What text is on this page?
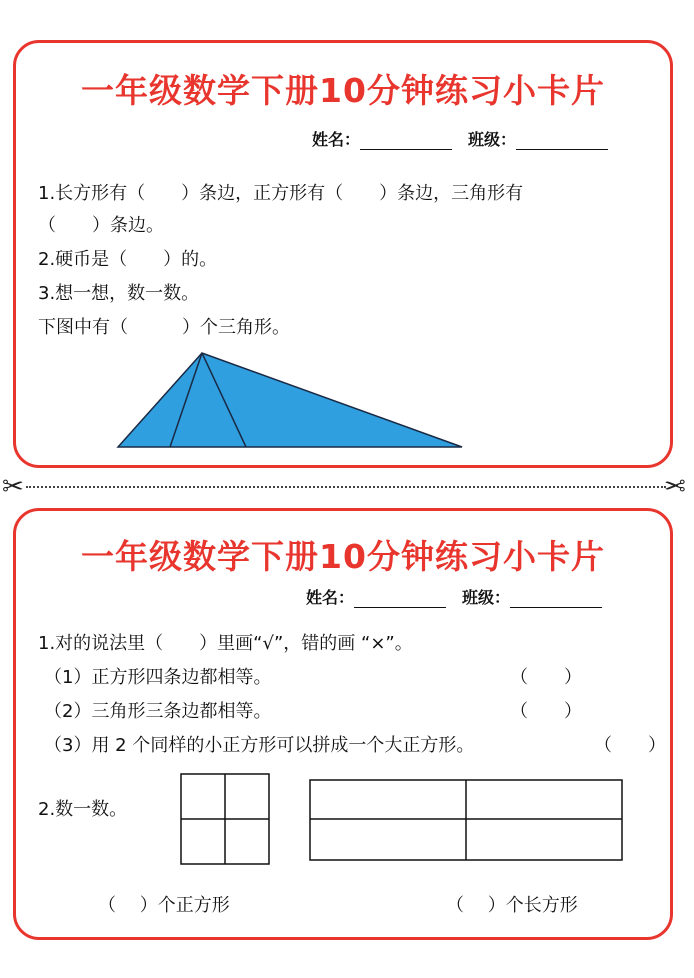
一年级数学下册10分钟练习小卡片
姓名：	班级：
1.长方形有（　　）条边，正方形有（　　）条边，三角形有
（　　）条边。
2.硬币是（　　）的。
3.想一想，数一数。
下图中有（　　　）个三角形。
✂	✂
一年级数学下册10分钟练习小卡片
姓名：	班级：
1.对的说法里（　　）里画“√”，错的画 “×”。
（1）正方形四条边都相等。	（　　）
（2）三角形三条边都相等。	（　　）
（3）用 2 个同样的小正方形可以拼成一个大正方形。	（　　）
2.数一数。
（　 ）个正方形	（　 ）个长方形
